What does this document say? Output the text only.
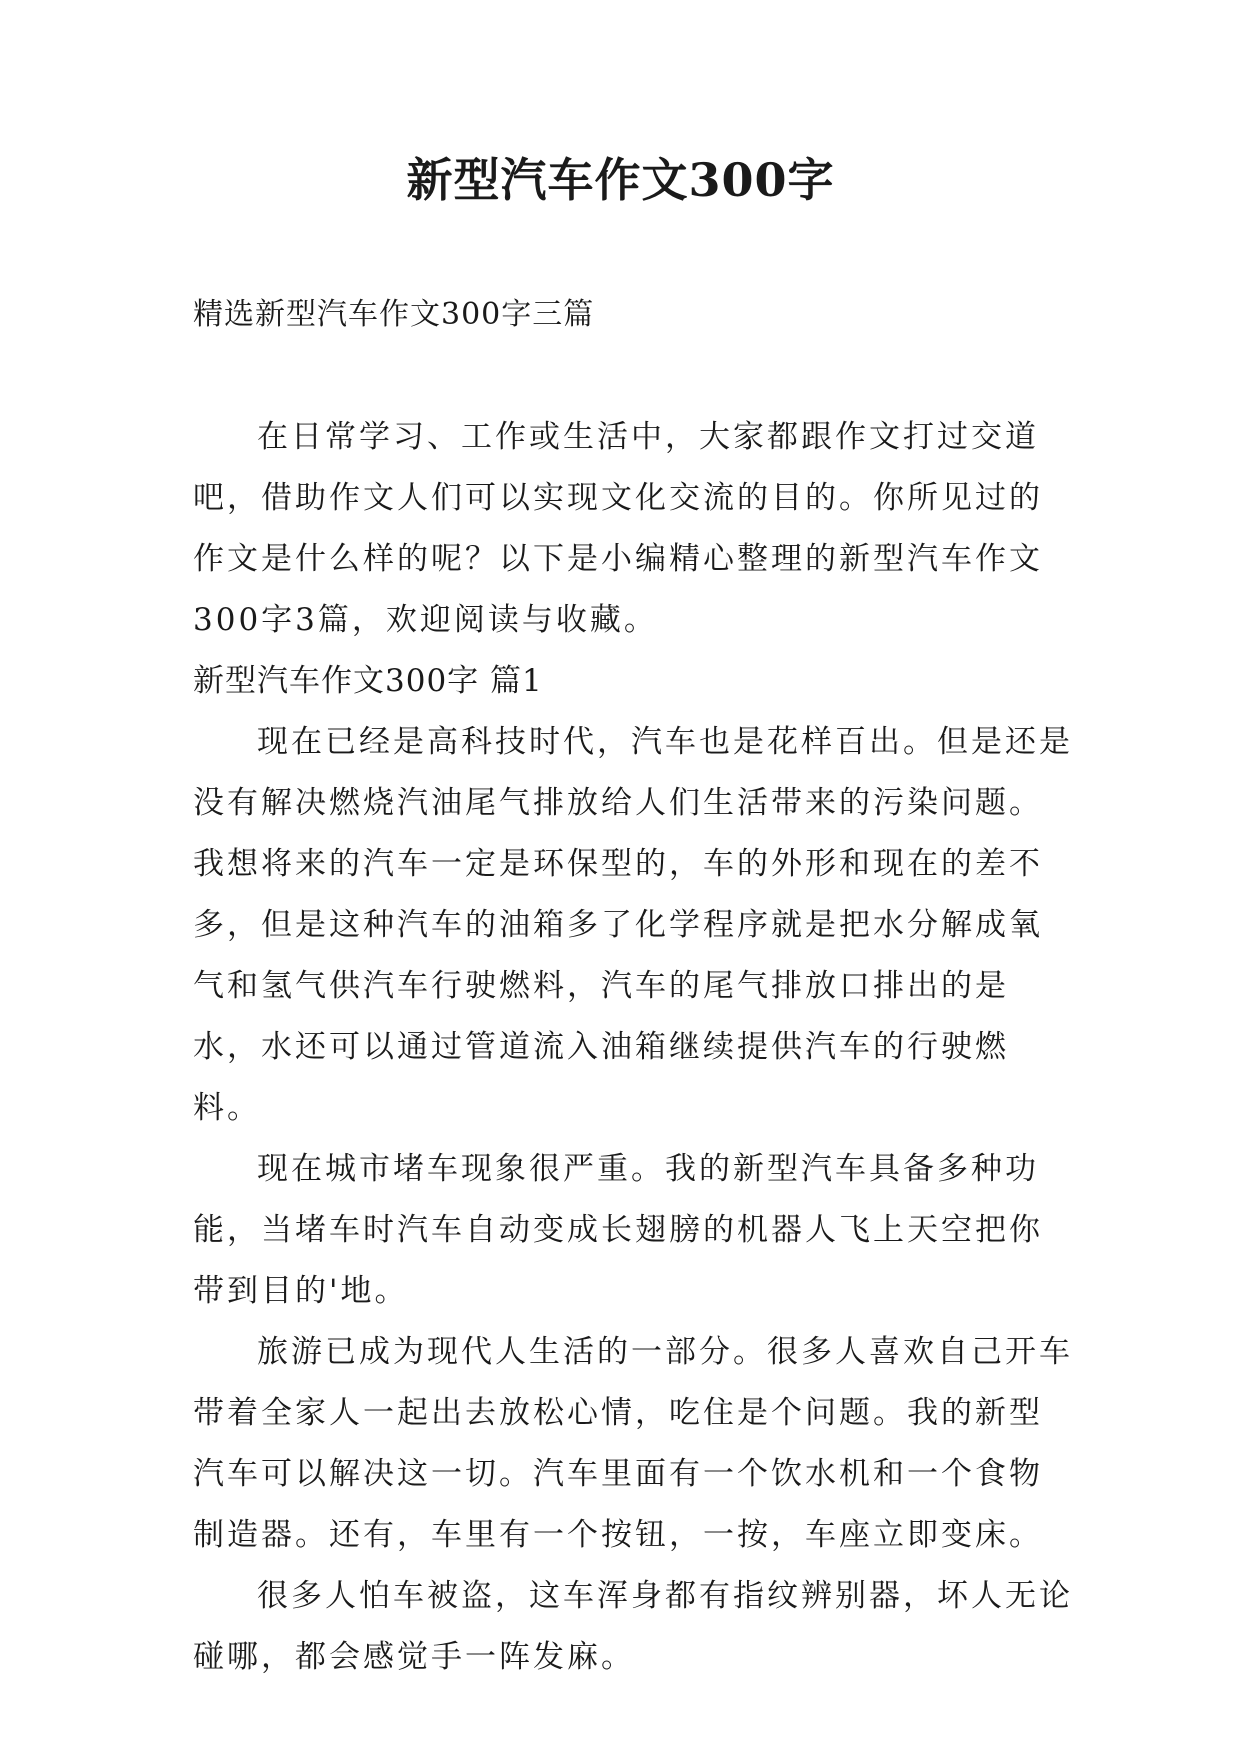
新型汽车作文300字
精选新型汽车作文300字三篇

在日常学习、工作或生活中，大家都跟作文打过交道吧，借助作文人们可以实现文化交流的目的。你所见过的作文是什么样的呢？以下是小编精心整理的新型汽车作文300字3篇，欢迎阅读与收藏。

新型汽车作文300字 篇1

现在已经是高科技时代，汽车也是花样百出。但是还是没有解决燃烧汽油尾气排放给人们生活带来的污染问题。我想将来的汽车一定是环保型的，车的外形和现在的差不多，但是这种汽车的油箱多了化学程序就是把水分解成氧气和氢气供汽车行驶燃料，汽车的尾气排放口排出的是水，水还可以通过管道流入油箱继续提供汽车的行驶燃料。

现在城市堵车现象很严重。我的新型汽车具备多种功能，当堵车时汽车自动变成长翅膀的机器人飞上天空把你带到目的'地。

旅游已成为现代人生活的一部分。很多人喜欢自己开车带着全家人一起出去放松心情，吃住是个问题。我的新型汽车可以解决这一切。汽车里面有一个饮水机和一个食物制造器。还有，车里有一个按钮，一按，车座立即变床。

很多人怕车被盗，这车浑身都有指纹辨别器，坏人无论碰哪，都会感觉手一阵发麻。
